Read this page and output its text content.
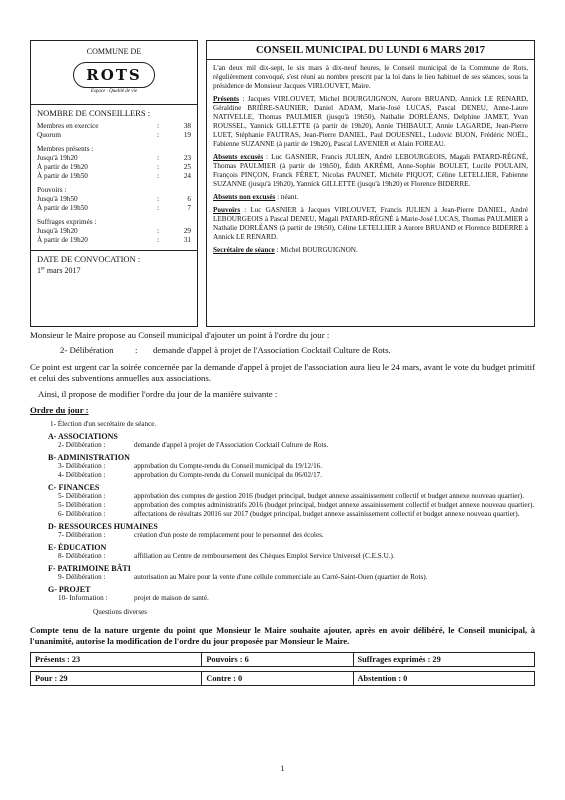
COMMUNE DE
ROTS
Espace · Qualité de vie
NOMBRE DE CONSEILLERS :
Membres en exercice	:	38
Quorum	:	19
Membres présents :
Jusqu'à 19h20	:	23
À partir de 19h20	:	25
À partir de 19h50	:	24
Pouvoirs :
Jusqu'à 19h50	:	6
À partir de 19h50	:	7
Suffrages exprimés :
Jusqu'à 19h20	:	29
À partir de 19h20	:	31
DATE DE CONVOCATION :
1er mars 2017
CONSEIL MUNICIPAL DU LUNDI 6 MARS 2017
L'an deux mil dix-sept, le six mars à dix-neuf heures, le Conseil municipal de la Commune de Rots, régulièrement convoqué, s'est réuni au nombre prescrit par la loi dans le lieu habituel de ses séances, sous la présidence de Monsieur Jacques VIRLOUVET, Maire.
Présents : Jacques VIRLOUVET, Michel BOURGUIGNON, Aurore BRUAND, Annick LE RENARD, Géraldine BRIÈRE-SAUNIER, Daniel ADAM, Marie-José LUCAS, Pascal DENEU, Anne-Laure NATIVELLE, Thomas PAULMIER (jusqu'à 19h50), Nathalie DORLÉANS, Delphine JAMET, Yvan ROUSSEL, Yannick GILLETTE (à partir de 19h20), Annie THIBAULT, Annie LAGARDE, Jean-Pierre LUET, Stéphanie FAUTRAS, Jean-Pierre DANIEL, Paul DOUESNEL, Ludovic BUON, Frédéric NOËL, Fabienne SUZANNE (à partir de 19h20), Pascal LAVENIER et Alain FOREAU.
Absents excusés : Luc GASNIER, Francis JULIEN, André LEBOURGEOIS, Magali PATARD-RÉGNÉ, Thomas PAULMIER (à partir de 19h50), Édith AKRÉMI, Anne-Sophie BOULET, Lucile POULAIN, François PINÇON, Franck FÉRET, Nicolas PAUNET, Michèle PIQUOT, Céline LETELLIER, Fabienne SUZANNE (jusqu'à 19h20), Yannick GILLETTE (jusqu'à 19h20) et Florence BIDERRE.
Absents non excusés : néant.
Pouvoirs : Luc GASNIER à Jacques VIRLOUVET, Francis JULIEN à Jean-Pierre DANIEL, André LEBOURGEOIS à Pascal DENEU, Magali PATARD-RÉGNÉ à Marie-José LUCAS, Thomas PAULMIER à Nathalie DORLÉANS (à partir de 19h50), Céline LETELLIER à Aurore BRUAND et Florence BIDERRE à Annick LE RENARD.
Secrétaire de séance : Michel BOURGUIGNON.
Monsieur le Maire propose au Conseil municipal d'ajouter un point à l'ordre du jour :
2- Délibération	:	demande d'appel à projet de l'Association Cocktail Culture de Rots.
Ce point est urgent car la soirée concernée par la demande d'appel à projet de l'association aura lieu le 24 mars, avant le vote du budget primitif et celui des subventions annuelles aux associations.
Ainsi, il propose de modifier l'ordre du jour de la manière suivante :
Ordre du jour :
1- Élection d'un secrétaire de séance.
A- ASSOCIATIONS
2- Délibération :	demande d'appel à projet de l'Association Cocktail Culture de Rots.
B- ADMINISTRATION
3- Délibération :	approbation du Compte-rendu du Conseil municipal du 19/12/16.
4- Délibération :	approbation du Compte-rendu du Conseil municipal du 06/02/17.
C- FINANCES
5- Délibération :	approbation des comptes de gestion 2016 (budget principal, budget annexe assainissement collectif et budget annexe nouveau quartier).
5- Délibération :	approbation des comptes administratifs 2016 (budget principal, budget annexe assainissement collectif et budget annexe nouveau quartier).
6- Délibération :	affectations de résultats 20016 sur 2017 (budget principal, budget annexe assainissement collectif et budget annexe nouveau quartier).
D- RESSOURCES HUMAINES
7- Délibération :	création d'un poste de remplacement pour le personnel des écoles.
E- ÉDUCATION
8- Délibération :	affiliation au Centre de remboursement des Chèques Emploi Service Universel (C.E.S.U.).
F- PATRIMOINE BÂTI
9- Délibération :	autorisation au Maire pour la vente d'une cellule commerciale au Carré-Saint-Ouen (quartier de Rots).
G- PROJET
10- Information :	projet de maison de santé.
Questions diverses
Compte tenu de la nature urgente du point que Monsieur le Maire souhaite ajouter, après en avoir délibéré, le Conseil municipal, à l'unanimité, autorise la modification de l'ordre du jour proposée par Monsieur le Maire.
Présents : 23	Pouvoirs : 6	Suffrages exprimés : 29
Pour : 29	Contre : 0	Abstention : 0
1
